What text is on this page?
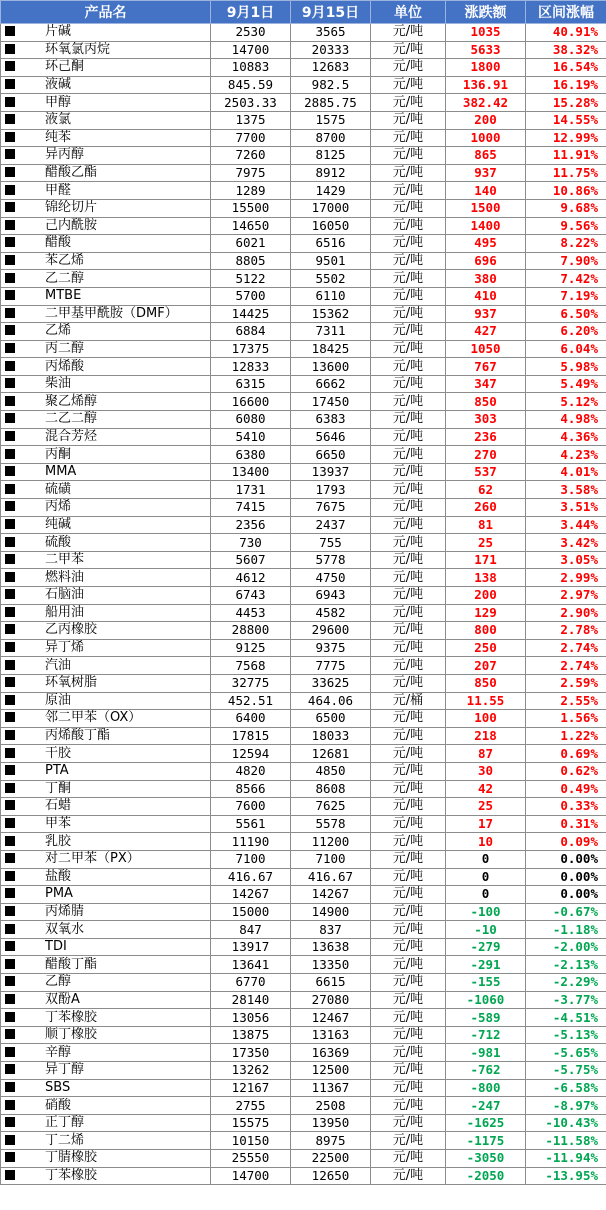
产品名	9月1日	9月15日	单位	涨跌额	区间涨幅
片碱	2530	3565	元/吨	1035	40.91%
环氧氯丙烷	14700	20333	元/吨	5633	38.32%
环己酮	10883	12683	元/吨	1800	16.54%
液碱	845.59	982.5	元/吨	136.91	16.19%
甲醇	2503.33	2885.75	元/吨	382.42	15.28%
液氯	1375	1575	元/吨	200	14.55%
纯苯	7700	8700	元/吨	1000	12.99%
异丙醇	7260	8125	元/吨	865	11.91%
醋酸乙酯	7975	8912	元/吨	937	11.75%
甲醛	1289	1429	元/吨	140	10.86%
锦纶切片	15500	17000	元/吨	1500	9.68%
己内酰胺	14650	16050	元/吨	1400	9.56%
醋酸	6021	6516	元/吨	495	8.22%
苯乙烯	8805	9501	元/吨	696	7.90%
乙二醇	5122	5502	元/吨	380	7.42%
MTBE	5700	6110	元/吨	410	7.19%
二甲基甲酰胺（DMF）	14425	15362	元/吨	937	6.50%
乙烯	6884	7311	元/吨	427	6.20%
丙二醇	17375	18425	元/吨	1050	6.04%
丙烯酸	12833	13600	元/吨	767	5.98%
柴油	6315	6662	元/吨	347	5.49%
聚乙烯醇	16600	17450	元/吨	850	5.12%
二乙二醇	6080	6383	元/吨	303	4.98%
混合芳烃	5410	5646	元/吨	236	4.36%
丙酮	6380	6650	元/吨	270	4.23%
MMA	13400	13937	元/吨	537	4.01%
硫磺	1731	1793	元/吨	62	3.58%
丙烯	7415	7675	元/吨	260	3.51%
纯碱	2356	2437	元/吨	81	3.44%
硫酸	730	755	元/吨	25	3.42%
二甲苯	5607	5778	元/吨	171	3.05%
燃料油	4612	4750	元/吨	138	2.99%
石脑油	6743	6943	元/吨	200	2.97%
船用油	4453	4582	元/吨	129	2.90%
乙丙橡胶	28800	29600	元/吨	800	2.78%
异丁烯	9125	9375	元/吨	250	2.74%
汽油	7568	7775	元/吨	207	2.74%
环氧树脂	32775	33625	元/吨	850	2.59%
原油	452.51	464.06	元/桶	11.55	2.55%
邻二甲苯（OX）	6400	6500	元/吨	100	1.56%
丙烯酸丁酯	17815	18033	元/吨	218	1.22%
干胶	12594	12681	元/吨	87	0.69%
PTA	4820	4850	元/吨	30	0.62%
丁酮	8566	8608	元/吨	42	0.49%
石蜡	7600	7625	元/吨	25	0.33%
甲苯	5561	5578	元/吨	17	0.31%
乳胶	11190	11200	元/吨	10	0.09%
对二甲苯（PX）	7100	7100	元/吨	0	0.00%
盐酸	416.67	416.67	元/吨	0	0.00%
PMA	14267	14267	元/吨	0	0.00%
丙烯腈	15000	14900	元/吨	-100	-0.67%
双氧水	847	837	元/吨	-10	-1.18%
TDI	13917	13638	元/吨	-279	-2.00%
醋酸丁酯	13641	13350	元/吨	-291	-2.13%
乙醇	6770	6615	元/吨	-155	-2.29%
双酚A	28140	27080	元/吨	-1060	-3.77%
丁苯橡胶	13056	12467	元/吨	-589	-4.51%
顺丁橡胶	13875	13163	元/吨	-712	-5.13%
辛醇	17350	16369	元/吨	-981	-5.65%
异丁醇	13262	12500	元/吨	-762	-5.75%
SBS	12167	11367	元/吨	-800	-6.58%
硝酸	2755	2508	元/吨	-247	-8.97%
正丁醇	15575	13950	元/吨	-1625	-10.43%
丁二烯	10150	8975	元/吨	-1175	-11.58%
丁腈橡胶	25550	22500	元/吨	-3050	-11.94%
丁苯橡胶	14700	12650	元/吨	-2050	-13.95%
